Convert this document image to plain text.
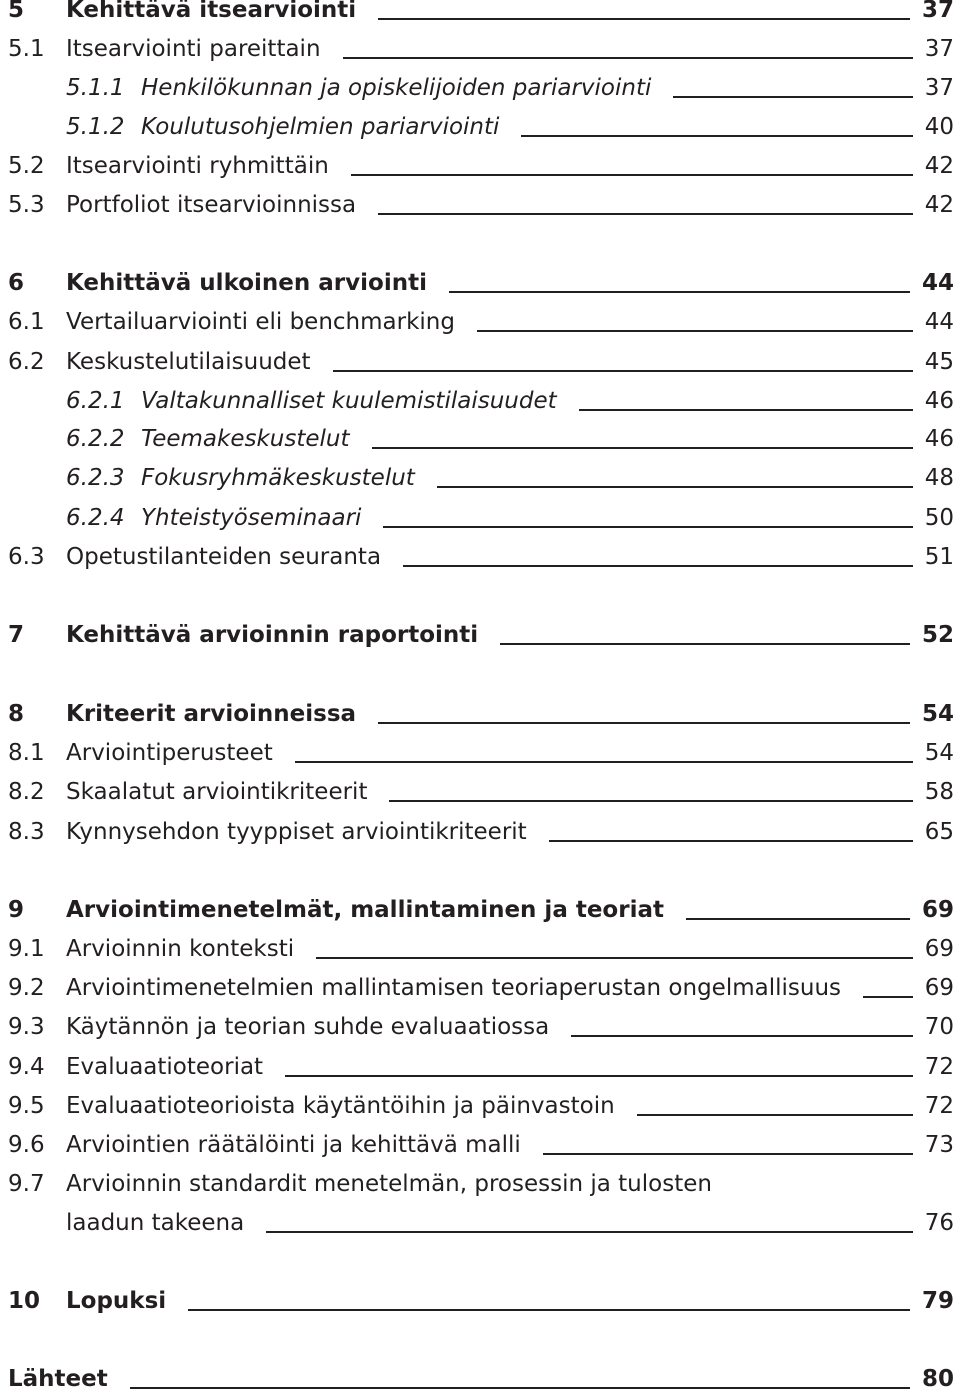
5 Kehittävä itsearviointi	37
5.1 Itsearviointi pareittain	37
5.1.1 Henkilökunnan ja opiskelijoiden pariarviointi	37
5.1.2 Koulutusohjelmien pariarviointi	40
5.2 Itsearviointi ryhmittäin	42
5.3 Portfoliot itsearvioinnissa	42
6 Kehittävä ulkoinen arviointi	44
6.1 Vertailuarviointi eli benchmarking	44
6.2 Keskustelutilaisuudet	45
6.2.1 Valtakunnalliset kuulemistilaisuudet	46
6.2.2 Teemakeskustelut	46
6.2.3 Fokusryhmäkeskustelut	48
6.2.4 Yhteistyöseminaari	50
6.3 Opetustilanteiden seuranta	51
7 Kehittävä arvioinnin raportointi	52
8 Kriteerit arvioinneissa	54
8.1 Arviointiperusteet	54
8.2 Skaalatut arviointikriteerit	58
8.3 Kynnysehdon tyyppiset arviointikriteerit	65
9 Arviointimenetelmät, mallintaminen ja teoriat	69
9.1 Arvioinnin konteksti	69
9.2 Arviointimenetelmien mallintamisen teoriaperustan ongelmallisuus	69
9.3 Käytännön ja teorian suhde evaluaatiossa	70
9.4 Evaluaatioteoriat	72
9.5 Evaluaatioteorioista käytäntöihin ja päinvastoin	72
9.6 Arviointien räätälöinti ja kehittävä malli	73
9.7 Arvioinnin standardit menetelmän, prosessin ja tulosten
laadun takeena	76
10 Lopuksi	79
Lähteet	80
